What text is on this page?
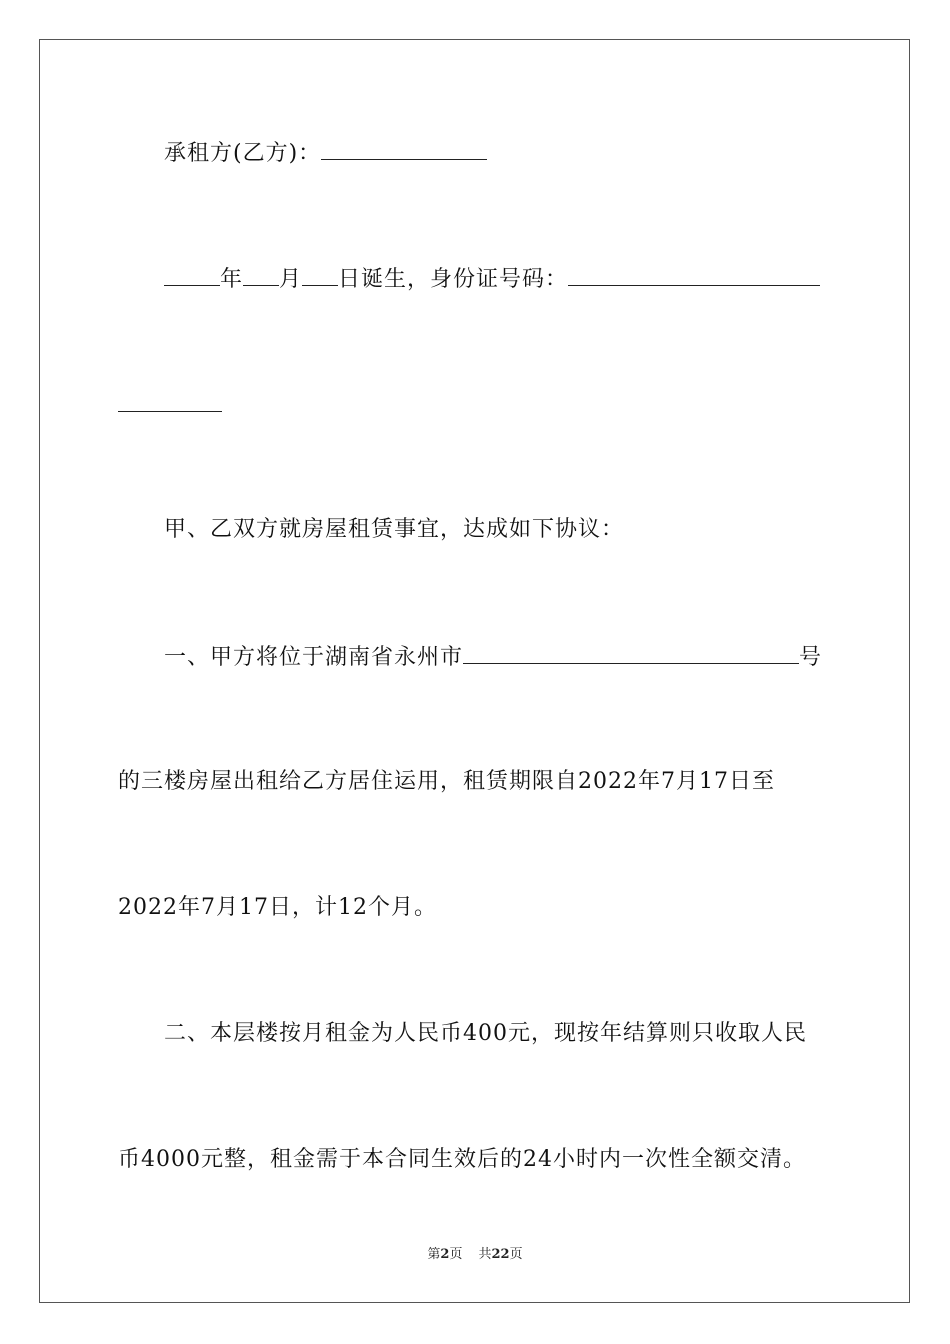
承租方(乙方)：
年 月 日诞生，身份证号码：
甲、乙双方就房屋租赁事宜，达成如下协议：
一、甲方将位于湖南省永州市	号
的三楼房屋出租给乙方居住运用，租赁期限自2022年7月17日至
2022年7月17日，计12个月。
二、本层楼按月租金为人民币400元，现按年结算则只收取人民
币4000元整，租金需于本合同生效后的24小时内一次性全额交清。
第2页 共22页
